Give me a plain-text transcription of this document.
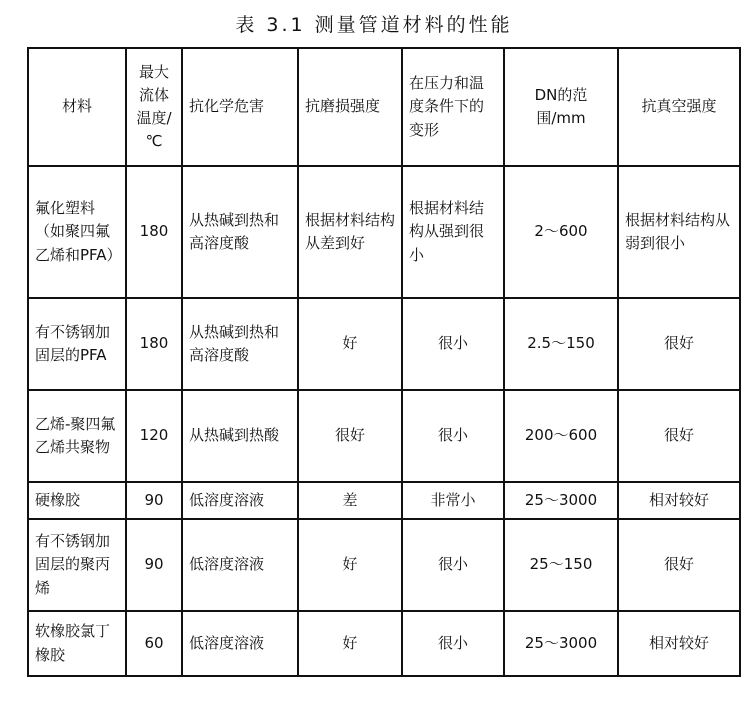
表 3.1 测量管道材料的性能
材料	最大流体温度/℃	抗化学危害	抗磨损强度	在压力和温度条件下的变形	DN的范围/mm	抗真空强度
氟化塑料（如聚四氟乙烯和PFA）	180	从热碱到热和高溶度酸	根据材料结构从差到好	根据材料结构从强到很小	2～600	根据材料结构从弱到很小
有不锈钢加固层的PFA	180	从热碱到热和高溶度酸	好	很小	2.5～150	很好
乙烯-聚四氟乙烯共聚物	120	从热碱到热酸	很好	很小	200～600	很好
硬橡胶	90	低溶度溶液	差	非常小	25～3000	相对较好
有不锈钢加固层的聚丙烯	90	低溶度溶液	好	很小	25～150	很好
软橡胶氯丁橡胶	60	低溶度溶液	好	很小	25～3000	相对较好
